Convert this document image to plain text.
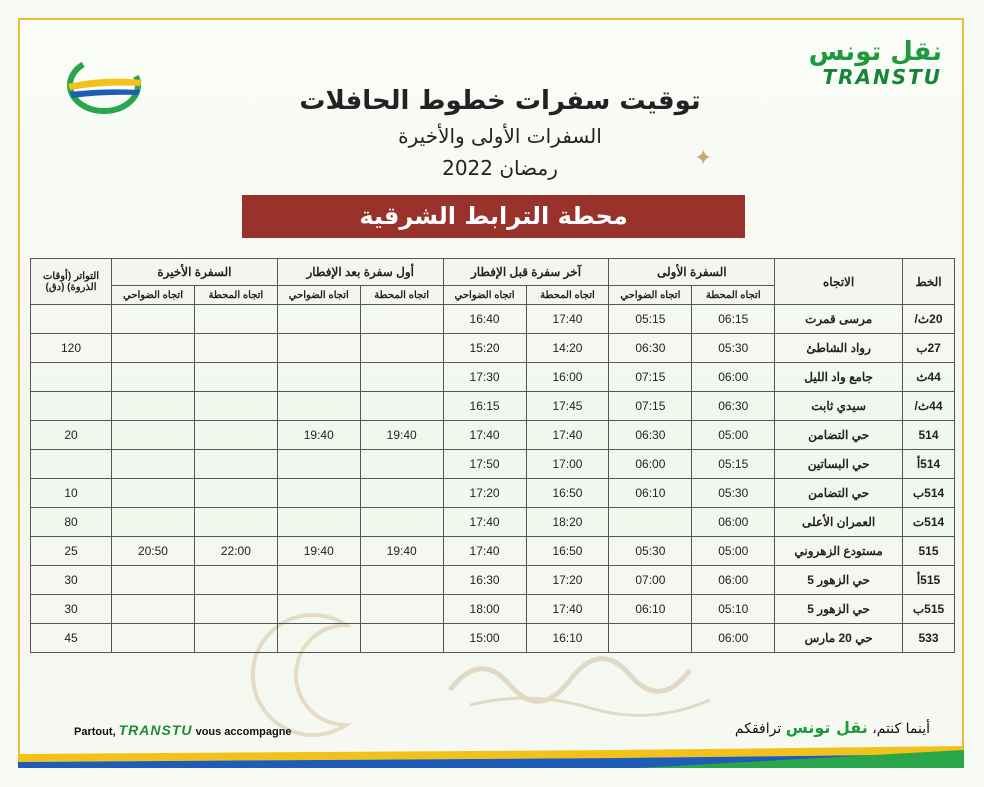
نقل تونس
TRANSTU
توقيت سفرات خطوط الحافلات
السفرات الأولى والأخيرة
رمضان 2022	✦
محطة الترابط الشرقية
الخط	الاتجاه	السفرة الأولى		آخر سفرة قبل الإفطار		أول سفرة بعد الإفطار		السفرة الأخيرة		التواتر (أوقات الذروة) (دق)
		اتجاه المحطة	اتجاه الضواحي	اتجاه المحطة	اتجاه الضواحي	اتجاه المحطة	اتجاه الضواحي	اتجاه المحطة	اتجاه الضواحي	
20ث/	مرسى قمرت	06:15	05:15	17:40	16:40					
27ب	رواد الشاطئ	05:30	06:30	14:20	15:20					120
44ث	جامع واد الليل	06:00	07:15	16:00	17:30					
44ث/	سيدي ثابت	06:30	07:15	17:45	16:15					
514	حي التضامن	05:00	06:30	17:40	17:40	19:40	19:40			20
514أ	حي البساتين	05:15	06:00	17:00	17:50					
514ب	حي التضامن	05:30	06:10	16:50	17:20					10
514ت	العمران الأعلى	06:00		18:20	17:40					80
515	مستودع الزهروني	05:00	05:30	16:50	17:40	19:40	19:40	22:00	20:50	25
515أ	حي الزهور 5	06:00	07:00	17:20	16:30					30
515ب	حي الزهور 5	05:10	06:10	17:40	18:00					30
533	حي 20 مارس	06:00		16:10	15:00					45
Partout, TRANSTU vous accompagne	أينما كنتم، نقل تونس ترافقكم
